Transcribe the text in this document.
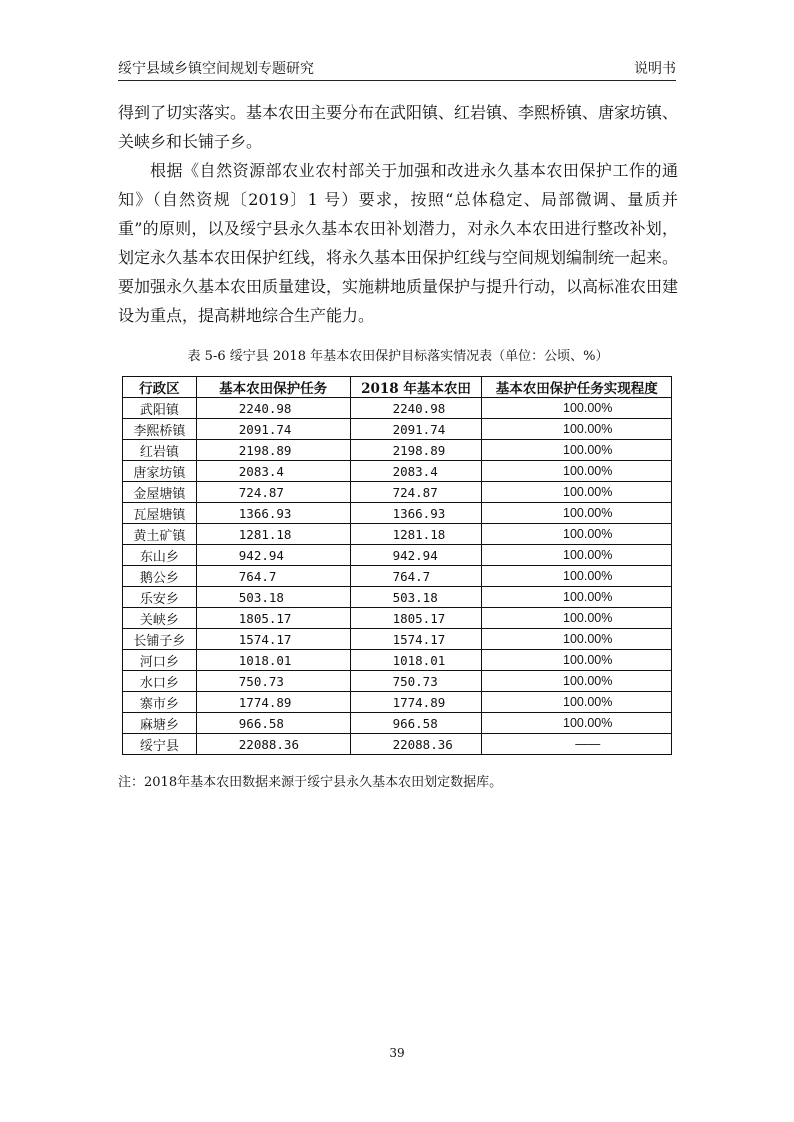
绥宁县域乡镇空间规划专题研究	说明书

得到了切实落实。基本农田主要分布在武阳镇、红岩镇、李熙桥镇、唐家坊镇、关峡乡和长铺子乡。

根据《自然资源部农业农村部关于加强和改进永久基本农田保护工作的通知》（自然资规〔2019〕1 号）要求，按照“总体稳定、局部微调、量质并重”的原则，以及绥宁县永久基本农田补划潜力，对永久本农田进行整改补划，划定永久基本农田保护红线，将永久基本田保护红线与空间规划编制统一起来。要加强永久基本农田质量建设，实施耕地质量保护与提升行动，以高标准农田建设为重点，提高耕地综合生产能力。

表 5-6 绥宁县 2018 年基本农田保护目标落实情况表（单位：公顷、%）
行政区	基本农田保护任务	2018 年基本农田	基本农田保护任务实现程度
武阳镇	2240.98	2240.98	100.00%
李熙桥镇	2091.74	2091.74	100.00%
红岩镇	2198.89	2198.89	100.00%
唐家坊镇	2083.4	2083.4	100.00%
金屋塘镇	724.87	724.87	100.00%
瓦屋塘镇	1366.93	1366.93	100.00%
黄土矿镇	1281.18	1281.18	100.00%
东山乡	942.94	942.94	100.00%
鹅公乡	764.7	764.7	100.00%
乐安乡	503.18	503.18	100.00%
关峡乡	1805.17	1805.17	100.00%
长铺子乡	1574.17	1574.17	100.00%
河口乡	1018.01	1018.01	100.00%
水口乡	750.73	750.73	100.00%
寨市乡	1774.89	1774.89	100.00%
麻塘乡	966.58	966.58	100.00%
绥宁县	22088.36	22088.36	——
注：2018年基本农田数据来源于绥宁县永久基本农田划定数据库。
39
